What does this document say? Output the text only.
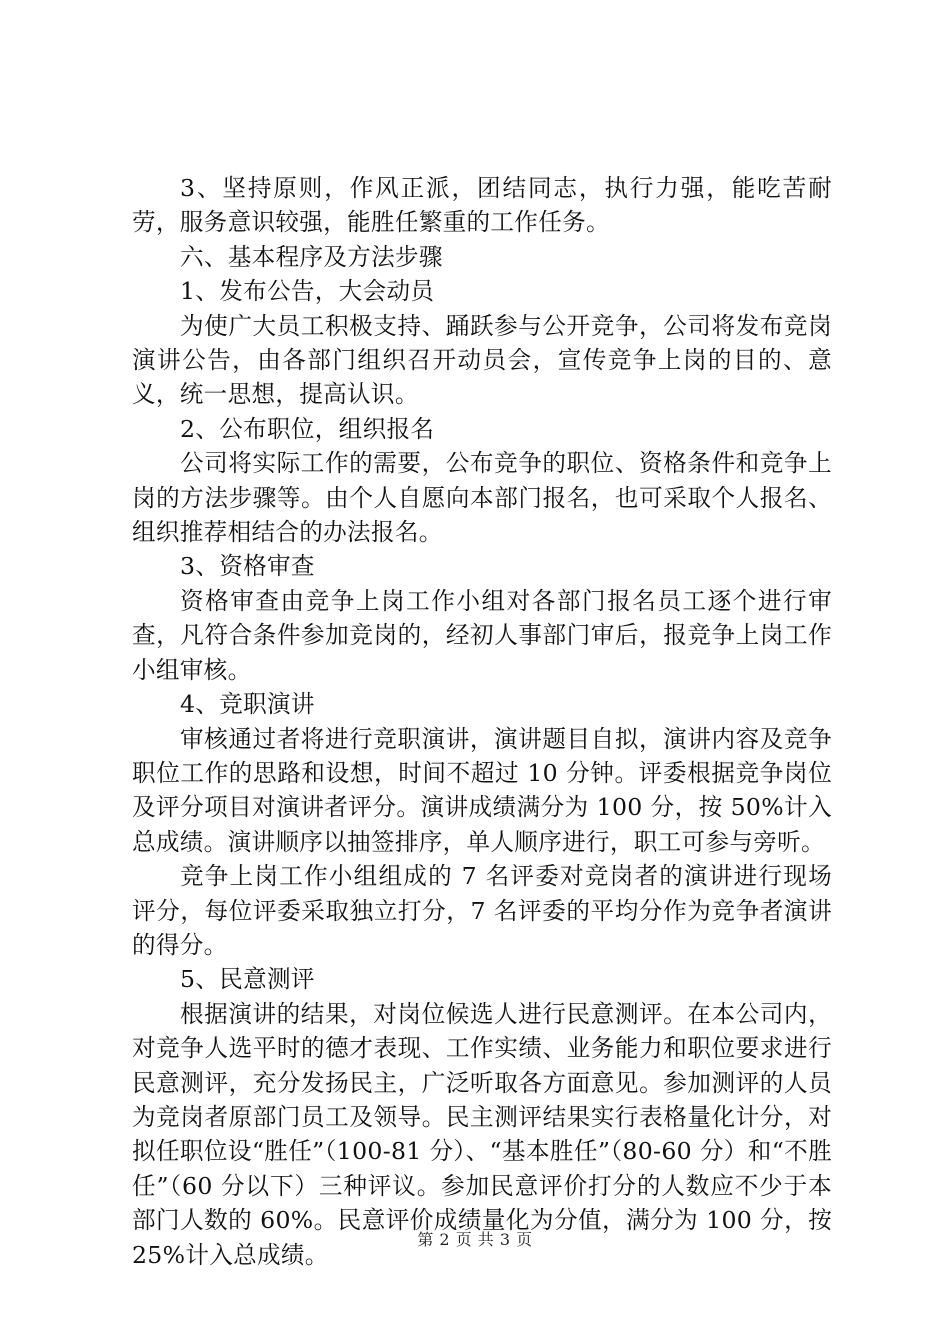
3、坚持原则，作风正派，团结同志，执行力强，能吃苦耐劳，服务意识较强，能胜任繁重的工作任务。

六、基本程序及方法步骤

1、发布公告，大会动员

为使广大员工积极支持、踊跃参与公开竞争，公司将发布竞岗演讲公告，由各部门组织召开动员会，宣传竞争上岗的目的、意义，统一思想，提高认识。

2、公布职位，组织报名

公司将实际工作的需要，公布竞争的职位、资格条件和竞争上岗的方法步骤等。由个人自愿向本部门报名，也可采取个人报名、组织推荐相结合的办法报名。

3、资格审查

资格审查由竞争上岗工作小组对各部门报名员工逐个进行审查，凡符合条件参加竞岗的，经初人事部门审后，报竞争上岗工作小组审核。

4、竞职演讲

审核通过者将进行竞职演讲，演讲题目自拟，演讲内容及竞争职位工作的思路和设想，时间不超过 10 分钟。评委根据竞争岗位及评分项目对演讲者评分。演讲成绩满分为 100 分，按 50%计入总成绩。演讲顺序以抽签排序，单人顺序进行，职工可参与旁听。

竞争上岗工作小组组成的 7 名评委对竞岗者的演讲进行现场评分，每位评委采取独立打分，7 名评委的平均分作为竞争者演讲的得分。

5、民意测评

根据演讲的结果，对岗位候选人进行民意测评。在本公司内，对竞争人选平时的德才表现、工作实绩、业务能力和职位要求进行民意测评，充分发扬民主，广泛听取各方面意见。参加测评的人员为竞岗者原部门员工及领导。民主测评结果实行表格量化计分，对拟任职位设“胜任”（100-81 分）、“基本胜任”（80-60 分）和“不胜任”（60 分以下）三种评议。参加民意评价打分的人数应不少于本部门人数的 60%。民意评价成绩量化为分值，满分为 100 分，按 25%计入总成绩。

第 2 页 共 3 页
